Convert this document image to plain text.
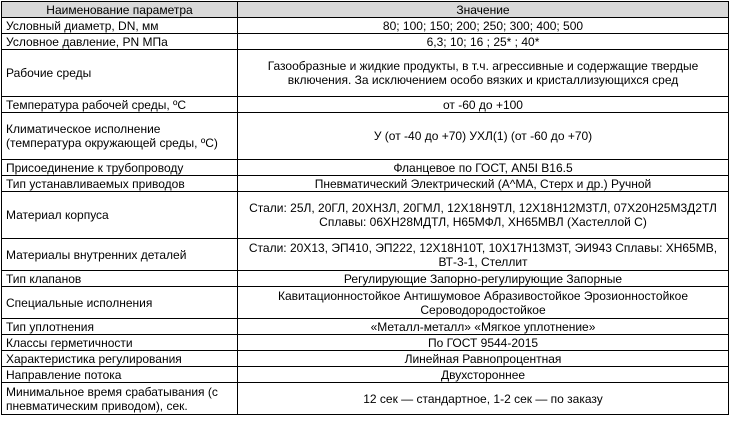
Наименование параметра	Значение
Условный диаметр, DN, мм	80; 100; 150; 200; 250; 300; 400; 500
Условное давление, PN МПа	6,3; 10; 16 ; 25* ; 40*
Рабочие среды	Газообразные и жидкие продукты, в т.ч. агрессивные и содержащие твердые включения. За исключением особо вязких и кристаллизующихся сред
Температура рабочей среды, ºС	от -60 до +100
Климатическое исполнение (температура окружающей среды, ºС)	У (от -40 до +70) УХЛ(1) (от -60 до +70)
Присоединение к трубопроводу	Фланцевое по ГОСТ, AN5I B16.5
Тип устанавливаемых приводов	Пневматический Электрический (А^МА, Стерх и др.) Ручной
Материал корпуса	Стали: 25Л, 20ГЛ, 20ХН3Л, 20ГМЛ, 12Х18Н9ТЛ, 12Х18Н12М3ТЛ, 07Х20Н25М3Д2ТЛ Сплавы: 06ХН28МДТЛ, Н65МФЛ, ХН65МВЛ (Хастеллой С)
Материалы внутренних деталей	Стали: 20Х13, ЭП410, ЭП222, 12Х18Н10Т, 10Х17Н13М3Т, ЭИ943 Сплавы: ХН65МВ, ВТ-3-1, Стеллит
Тип клапанов	Регулирующие Запорно-регулирующие Запорные
Специальные исполнения	Кавитационностойкое Антишумовое Абразивостойкое Эрозионностойкое Сероводородостойкое
Тип уплотнения	«Металл-металл» «Мягкое уплотнение»
Классы герметичности	По ГОСТ 9544-2015
Характеристика регулирования	Линейная Равнопроцентная
Направление потока	Двухстороннее
Минимальное время срабатывания (с пневматическим приводом), сек.	12 сек — стандартное, 1-2 сек — по заказу
